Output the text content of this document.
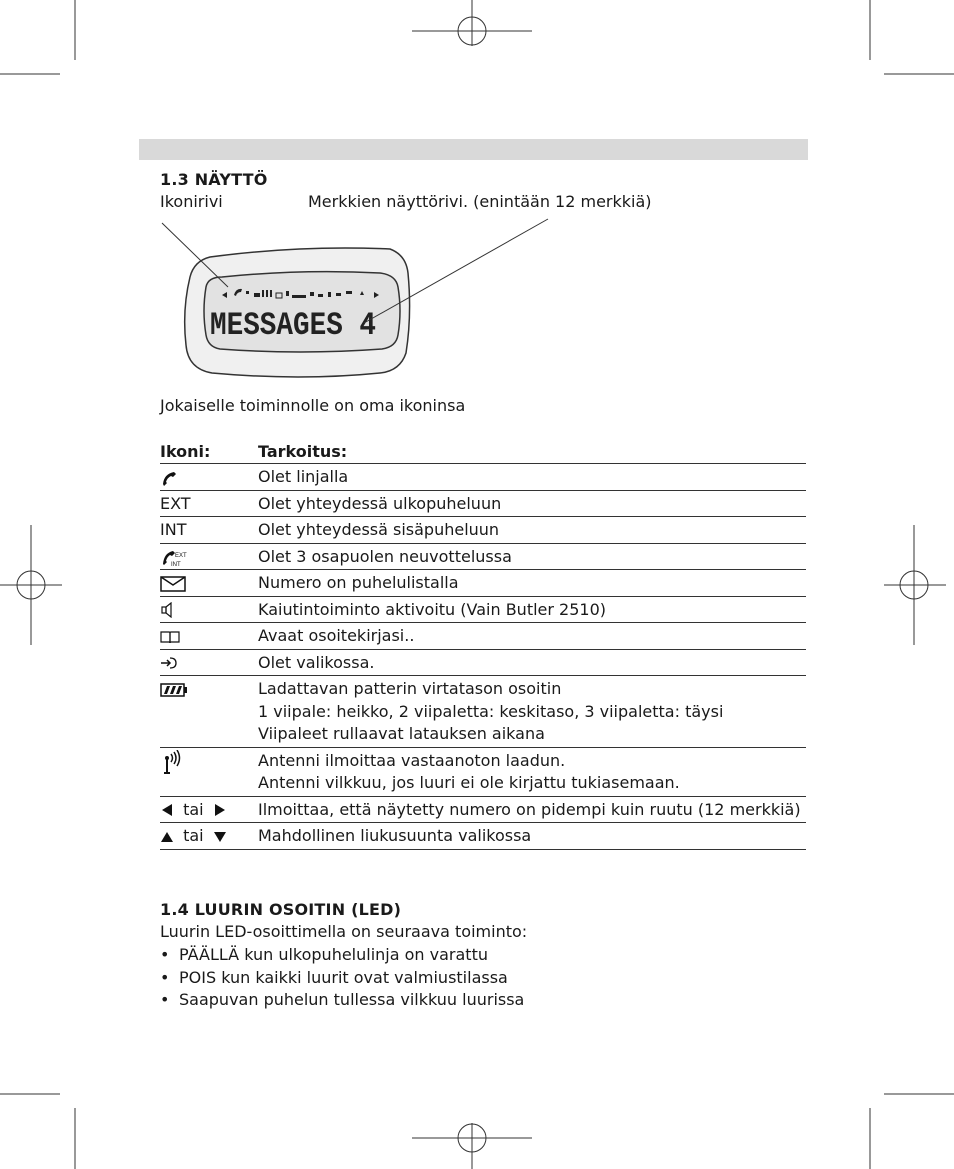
1.3 NÄYTTÖ
Ikonirivi	Merkkien näyttörivi. (enintään 12 merkkiä)
MESSAGES 4
Jokaiselle toiminnolle on oma ikoninsa
Ikoni:	Tarkoitus:

Olet linjalla

EXT	Olet yhteydessä ulkopuheluun

INT	Olet yhteydessä sisäpuheluun

EXT
INT	Olet 3 osapuolen neuvottelussa

Numero on puhelulistalla

Kaiutintoiminto aktivoitu (Vain Butler 2510)

Avaat osoitekirjasi..

Olet valikossa.

Ladattavan patterin virtatason osoitin
1 viipale: heikko, 2 viipaletta: keskitaso, 3 viipaletta: täysi
Viipaleet rullaavat latauksen aikana

Antenni ilmoittaa vastaanoton laadun.
Antenni vilkkuu, jos luuri ei ole kirjattu tukiasemaan.

tai	Ilmoittaa, että näytetty numero on pidempi kuin ruutu (12 merkkiä)

tai	Mahdollinen liukusuunta valikossa
1.4 LUURIN OSOITIN (LED)
Luurin LED-osoittimella on seuraava toiminto:
• PÄÄLLÄ kun ulkopuhelulinja on varattu
• POIS kun kaikki luurit ovat valmiustilassa
• Saapuvan puhelun tullessa vilkkuu luurissa
